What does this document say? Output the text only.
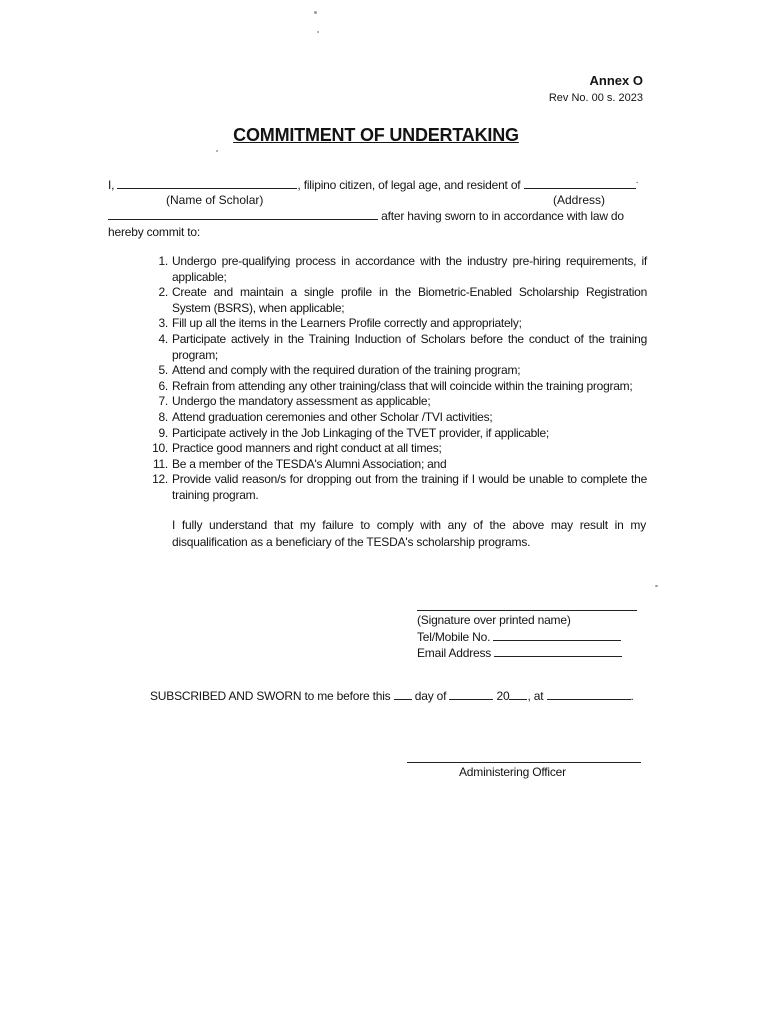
Annex O
Rev No. 00 s. 2023
COMMITMENT OF UNDERTAKING
I,	, filipino citizen, of legal age, and resident of	·
(Name of Scholar)	(Address)
after having sworn to in accordance with law do
hereby commit to:
1. Undergo pre-qualifying process in accordance with the industry pre-hiring requirements, if applicable;
2. Create and maintain a single profile in the Biometric-Enabled Scholarship Registration System (BSRS), when applicable;
3. Fill up all the items in the Learners Profile correctly and appropriately;
4. Participate actively in the Training Induction of Scholars before the conduct of the training program;
5. Attend and comply with the required duration of the training program;
6. Refrain from attending any other training/class that will coincide within the training program;
7. Undergo the mandatory assessment as applicable;
8. Attend graduation ceremonies and other Scholar /TVI activities;
9. Participate actively in the Job Linkaging of the TVET provider, if applicable;
10. Practice good manners and right conduct at all times;
11. Be a member of the TESDA's Alumni Association; and
12. Provide valid reason/s for dropping out from the training if I would be unable to complete the training program.
I fully understand that my failure to comply with any of the above may result in my disqualification as a beneficiary of the TESDA's scholarship programs.
(Signature over printed name)
Tel/Mobile No.
Email Address
SUBSCRIBED AND SWORN to me before this day of	20 , at	.
Administering Officer
